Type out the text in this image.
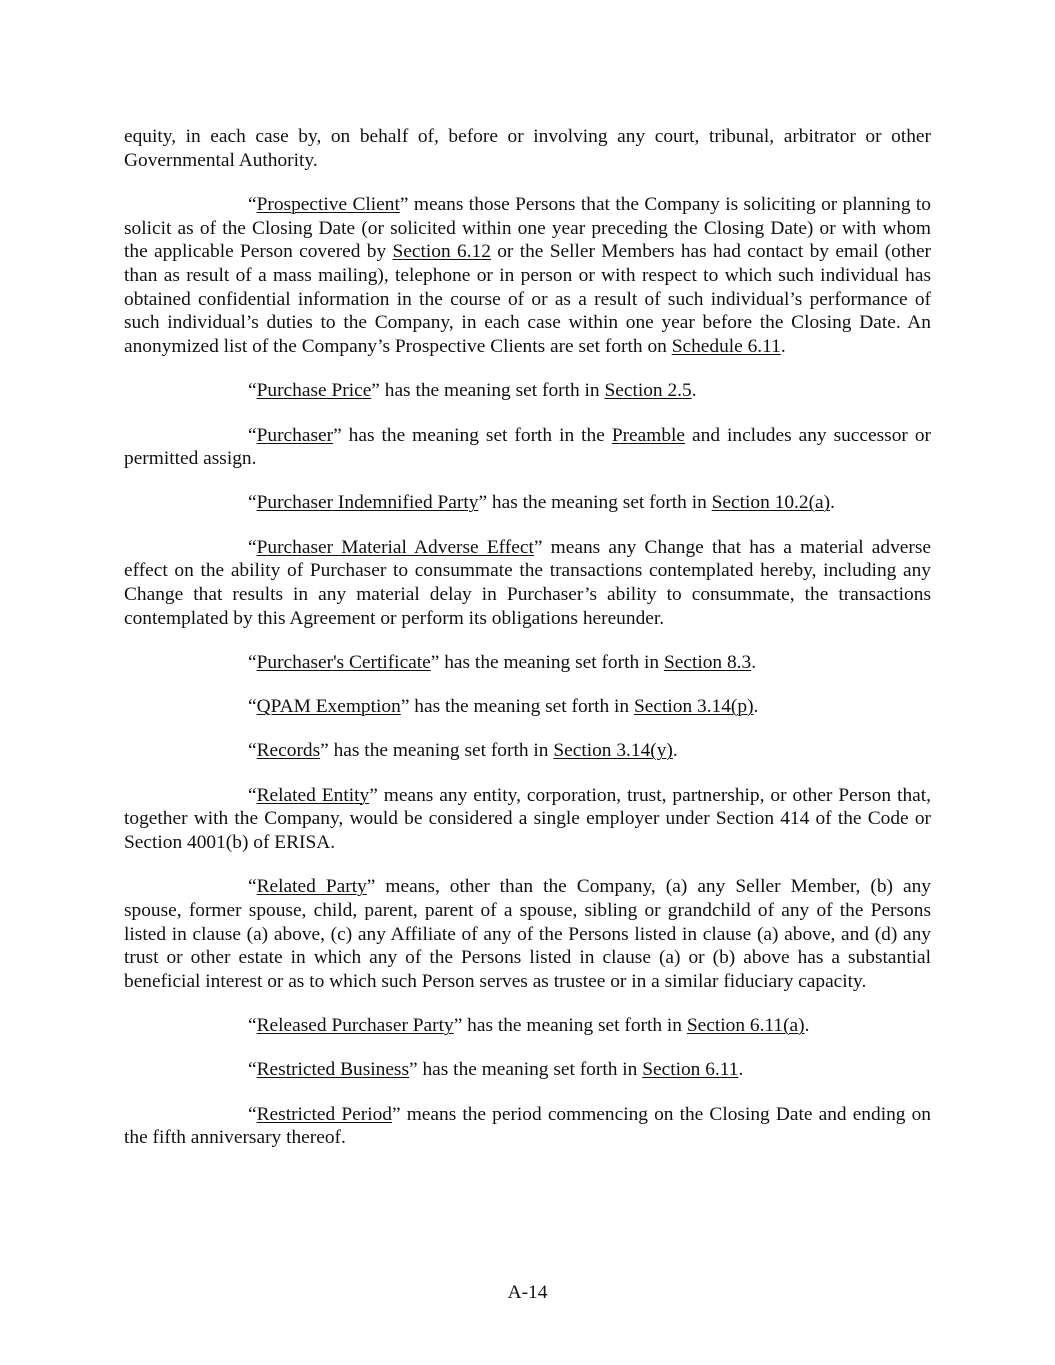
equity, in each case by, on behalf of, before or involving any court, tribunal, arbitrator or other Governmental Authority.

“Prospective Client” means those Persons that the Company is soliciting or planning to solicit as of the Closing Date (or solicited within one year preceding the Closing Date) or with whom the applicable Person covered by Section 6.12 or the Seller Members has had contact by email (other than as result of a mass mailing), telephone or in person or with respect to which such individual has obtained confidential information in the course of or as a result of such individual’s performance of such individual’s duties to the Company, in each case within one year before the Closing Date. An anonymized list of the Company’s Prospective Clients are set forth on Schedule 6.11.

“Purchase Price” has the meaning set forth in Section 2.5.

“Purchaser” has the meaning set forth in the Preamble and includes any successor or permitted assign.

“Purchaser Indemnified Party” has the meaning set forth in Section 10.2(a).

“Purchaser Material Adverse Effect” means any Change that has a material adverse effect on the ability of Purchaser to consummate the transactions contemplated hereby, including any Change that results in any material delay in Purchaser’s ability to consummate, the transactions contemplated by this Agreement or perform its obligations hereunder.

“Purchaser's Certificate” has the meaning set forth in Section 8.3.

“QPAM Exemption” has the meaning set forth in Section 3.14(p).

“Records” has the meaning set forth in Section 3.14(y).

“Related Entity” means any entity, corporation, trust, partnership, or other Person that, together with the Company, would be considered a single employer under Section 414 of the Code or Section 4001(b) of ERISA.

“Related Party” means, other than the Company, (a) any Seller Member, (b) any spouse, former spouse, child, parent, parent of a spouse, sibling or grandchild of any of the Persons listed in clause (a) above, (c) any Affiliate of any of the Persons listed in clause (a) above, and (d) any trust or other estate in which any of the Persons listed in clause (a) or (b) above has a substantial beneficial interest or as to which such Person serves as trustee or in a similar fiduciary capacity.

“Released Purchaser Party” has the meaning set forth in Section 6.11(a).

“Restricted Business” has the meaning set forth in Section 6.11.

“Restricted Period” means the period commencing on the Closing Date and ending on the fifth anniversary thereof.

A-14
